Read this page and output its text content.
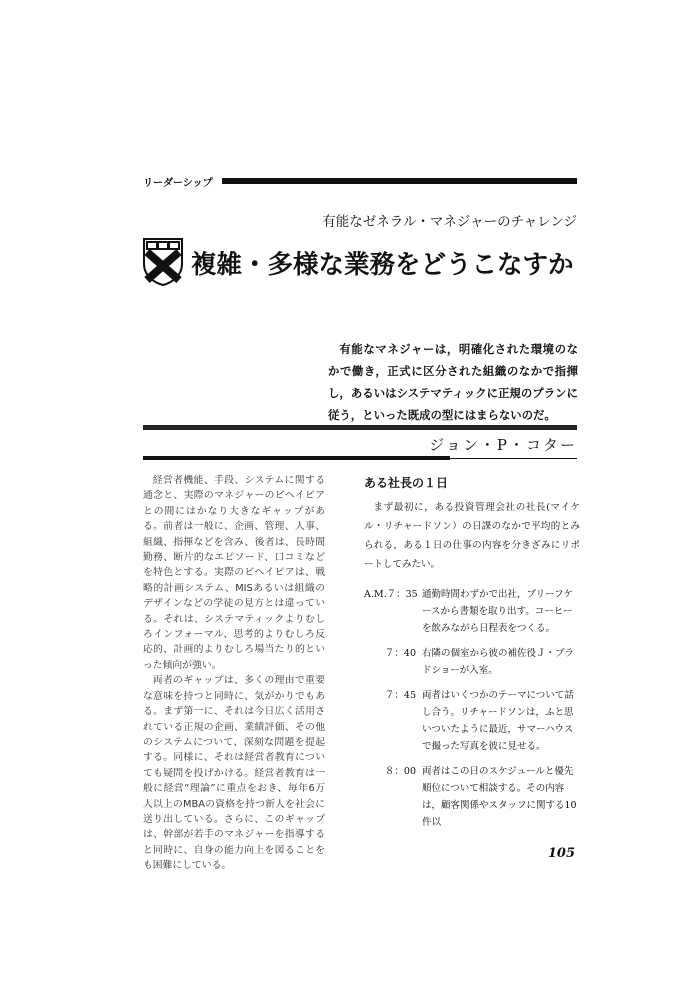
リーダーシップ
有能なゼネラル・マネジャーのチャレンジ
複雑・多様な業務をどうこなすか
有能なマネジャーは，明確化された環境のなかで働き，正式に区分された組織のなかで指揮し，あるいはシステマティックに正規のプランに従う，といった既成の型にはまらないのだ。
ジョン・P・コター

経営者機能、手段、システムに関する通念と、実際のマネジャーのビヘイビアとの間にはかなり大きなギャップがある。前者は一般に、企画、管理、人事、組織、指揮などを含み、後者は、長時間勤務、断片的なエピソード、口コミなどを特色とする。実際のビヘイビアは、戦略的計画システム、MISあるいは組織のデザインなどの学徒の見方とは違っている。それは、システマティックよりむしろインフォーマル、思考的よりむしろ反応的、計画的よりむしろ場当たり的といった傾向が強い。

両者のギャップは、多くの理由で重要な意味を持つと同時に、気がかりでもある。まず第一に、それは今日広く活用されている正規の企画、業績評価、その他のシステムについて、深刻な問題を提起する。同様に、それは経営者教育についても疑問を投げかける。経営者教育は一般に経営“理論”に重点をおき、毎年6万人以上のMBAの資格を持つ新人を社会に送り出している。さらに、このギャップは、幹部が若手のマネジャーを指導すると同時に、自身の能力向上を図ることをも困難にしている。

ある社長の１日

まず最初に，ある投資管理会社の社長(マイケル・リチャードソン）の日課のなかで平均的とみられる，ある１日の仕事の内容を分きざみにリポートしてみたい。

A.M.７：35 通勤時間わずかで出社，ブリーフケースから書類を取り出す。コーヒーを飲みながら日程表をつくる。
７：40 右隣の個室から彼の補佐役Ｊ・ブラドショーが入室。
７：45 両者はいくつかのテーマについて話し合う。リチャードソンは，ふと思いついたように最近，サマーハウスで撮った写真を彼に見せる。
８：00 両者はこの日のスケジュールと優先順位について相談する。その内容は，顧客関係やスタッフに関する10件以
105
